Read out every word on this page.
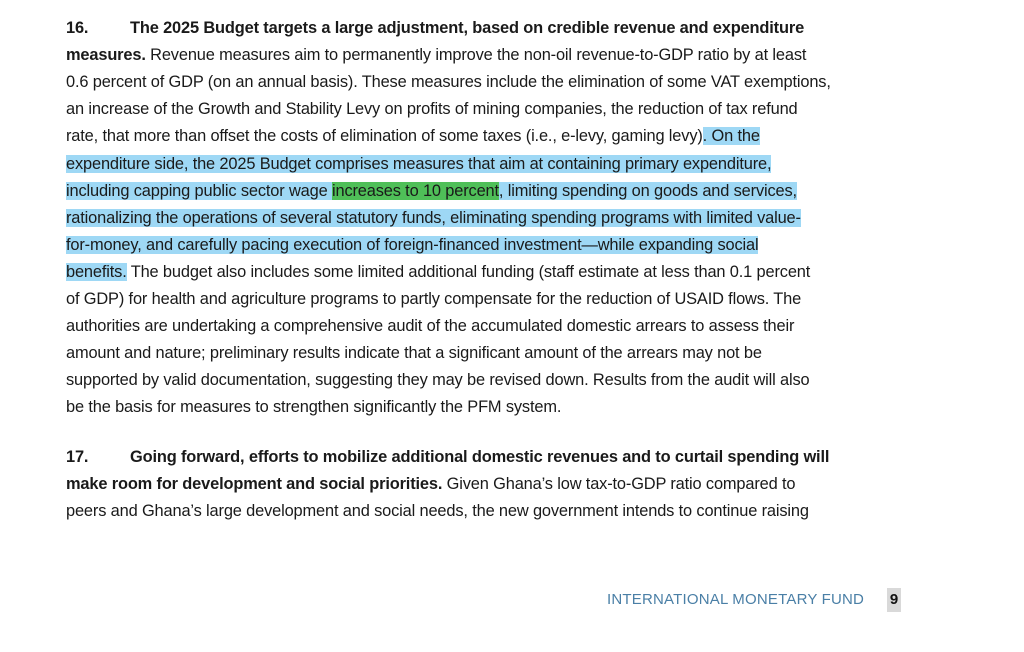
16.	The 2025 Budget targets a large adjustment, based on credible revenue and expenditure
measures. Revenue measures aim to permanently improve the non-oil revenue-to-GDP ratio by at least
0.6 percent of GDP (on an annual basis). These measures include the elimination of some VAT exemptions,
an increase of the Growth and Stability Levy on profits of mining companies, the reduction of tax refund
rate, that more than offset the costs of elimination of some taxes (i.e., e-levy, gaming levy). On the
expenditure side, the 2025 Budget comprises measures that aim at containing primary expenditure,
including capping public sector wage increases to 10 percent, limiting spending on goods and services,
rationalizing the operations of several statutory funds, eliminating spending programs with limited value-
for-money, and carefully pacing execution of foreign-financed investment—while expanding social
benefits. The budget also includes some limited additional funding (staff estimate at less than 0.1 percent
of GDP) for health and agriculture programs to partly compensate for the reduction of USAID flows. The
authorities are undertaking a comprehensive audit of the accumulated domestic arrears to assess their
amount and nature; preliminary results indicate that a significant amount of the arrears may not be
supported by valid documentation, suggesting they may be revised down. Results from the audit will also
be the basis for measures to strengthen significantly the PFM system.
17.	Going forward, efforts to mobilize additional domestic revenues and to curtail spending will
make room for development and social priorities. Given Ghana’s low tax-to-GDP ratio compared to
peers and Ghana’s large development and social needs, the new government intends to continue raising
INTERNATIONAL MONETARY FUND 9
